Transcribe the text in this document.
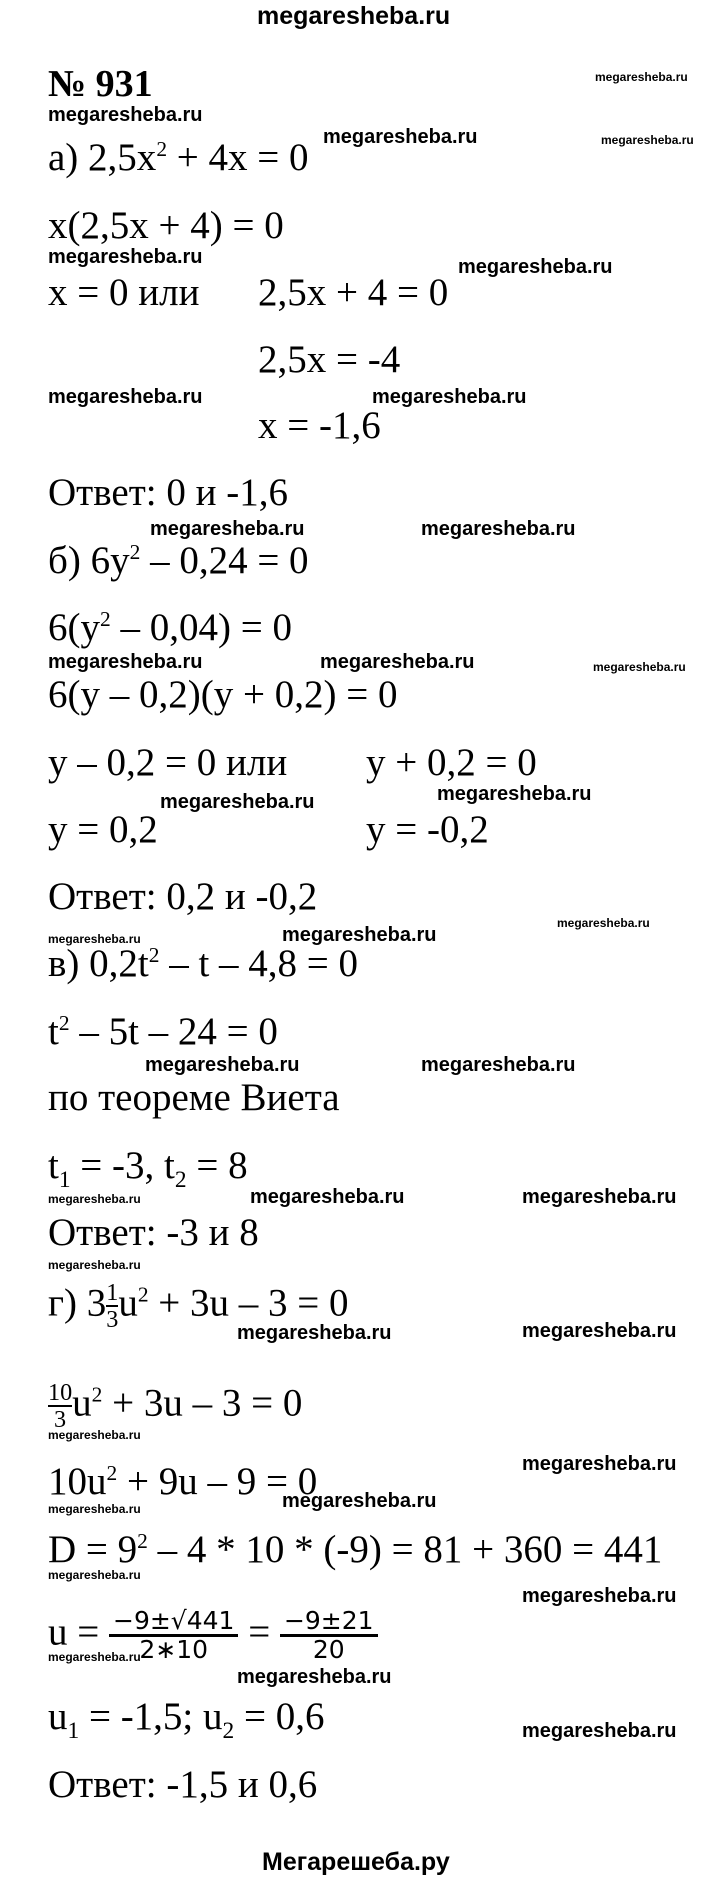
megaresheba.ru
№ 931
а) $2,5x^2 + 4x = 0$
x(2,5x + 4) = 0
x = 0 или 2,5x + 4 = 0
2,5x = -4
x = -1,6
Ответ: 0 и -1,6
б) $6y^2 - 0,24 = 0$
$6(y^2 - 0,04) = 0$
6(y – 0,2)(y + 0,2) = 0
y – 0,2 = 0 или y + 0,2 = 0
y = 0,2	y = -0,2
Ответ: 0,2 и -0,2
в) $0,2t^2 - t - 4,8 = 0$
$t^2 - 5t - 24 = 0$
по теореме Виета
$t_1 = -3$, $t_2 = 8$
Ответ: -3 и 8
г) $3 \frac{1}{3} u^2 + 3u - 3 = 0$
$\frac{10}{3} u^2 + 3u - 3 = 0$
$10u^2 + 9u - 9 = 0$
$D = 9^2 - 4 * 10 * (-9) = 81 + 360 = 441$
$u = \frac{-9\pm√441}{2∗10} = \frac{-9\pm 21}{20}$
$u_1 = -1,5$; $u_2 = 0,6$
Ответ: -1,5 и 0,6
megaresheba.ru
megaresheba.ru
megaresheba.ru	megaresheba.ru
megaresheba.ru	megaresheba.ru
megaresheba.ru	megaresheba.ru
megaresheba.ru	megaresheba.ru
megaresheba.ru	megaresheba.ru	megaresheba.ru
megaresheba.ru	megaresheba.ru
megaresheba.ru
megaresheba.ru
megaresheba.ru
megaresheba.ru	megaresheba.ru
megaresheba.ru	megaresheba.ru	megaresheba.ru
megaresheba.ru
megaresheba.ru	megaresheba.ru
megaresheba.ru
megaresheba.ru
megaresheba.ru	megaresheba.ru
megaresheba.ru
megaresheba.ru
megaresheba.ru
megaresheba.ru
megaresheba.ru
Мегарешеба.ру
